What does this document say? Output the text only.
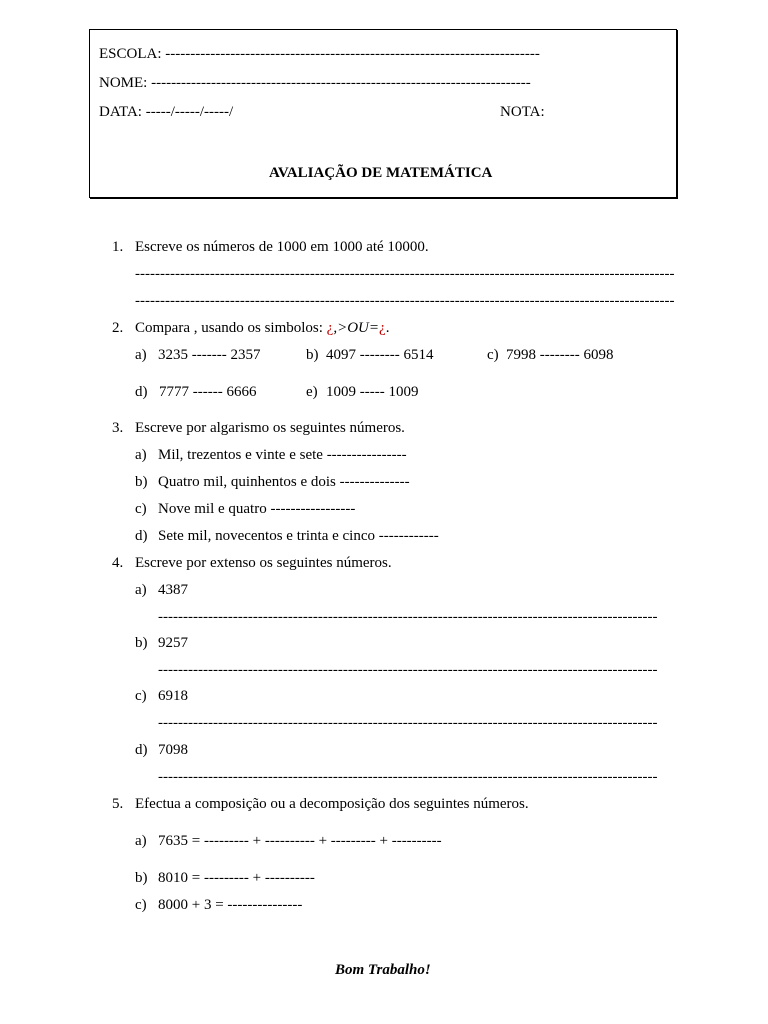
ESCOLA: ---------------------------------------------------------------------------
NOME: ----------------------------------------------------------------------------
DATA: -----/-----/-----/	NOTA:
AVALIAÇÃO DE MATEMÁTICA
1. Escreve os números de 1000 em 1000 até 10000.
------------------------------------------------------------------------------------------------------------
------------------------------------------------------------------------------------------------------------
2. Compara , usando os simbolos: ¿,>OU=¿.
a) 3235 ------- 2357	b) 4097 -------- 6514	c) 7998 -------- 6098
d) 7777 ------ 6666	e) 1009 ----- 1009
3. Escreve por algarismo os seguintes números.
a) Mil, trezentos e vinte e sete ----------------
b) Quatro mil, quinhentos e dois --------------
c) Nove mil e quatro -----------------
d) Sete mil, novecentos e trinta e cinco ------------
4. Escreve por extenso os seguintes números.
a) 4387
----------------------------------------------------------------------------------------------------
b) 9257
----------------------------------------------------------------------------------------------------
c) 6918
----------------------------------------------------------------------------------------------------
d) 7098
----------------------------------------------------------------------------------------------------
5. Efectua a composição ou a decomposição dos seguintes números.
a) 7635 = --------- + ---------- + --------- + ----------
b) 8010 = --------- + ----------
c) 8000 + 3 = ---------------
Bom Trabalho!
